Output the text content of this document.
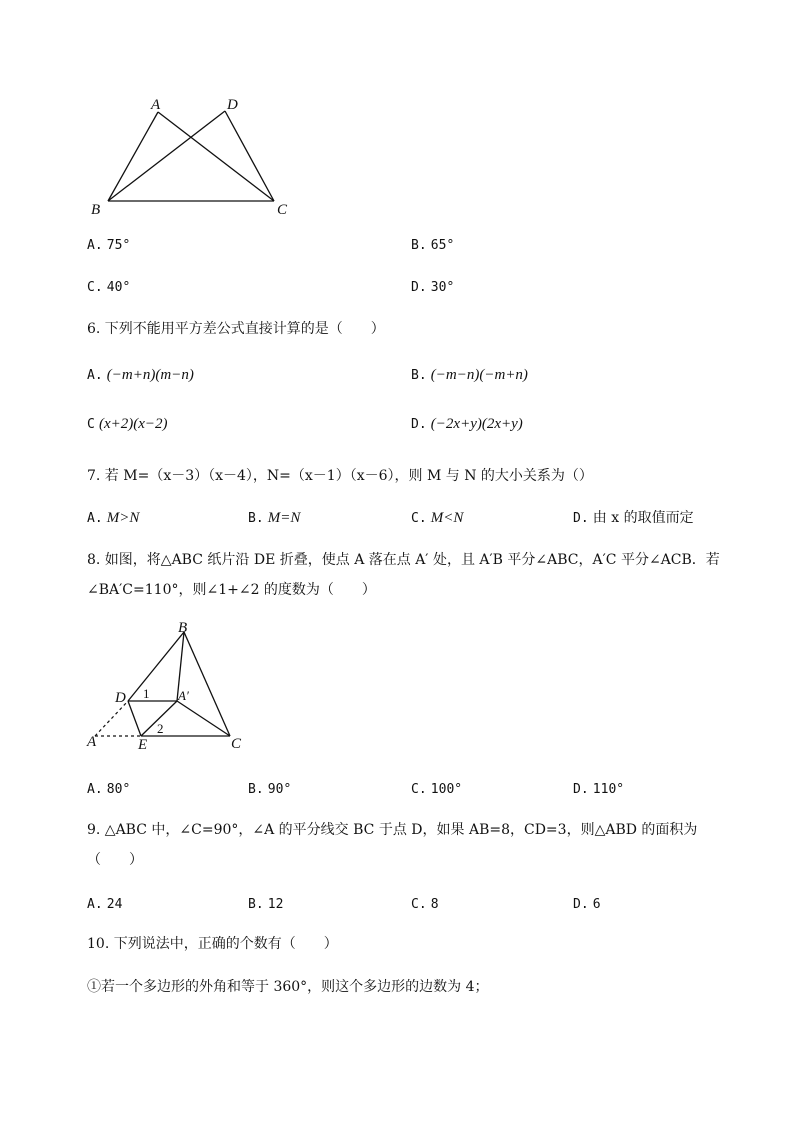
A	D
B	C
A. 75°	B. 65°
C. 40°	D. 30°
6. 下列不能用平方差公式直接计算的是（　　）
A. (−m+n)(m−n)	B. (−m−n)(−m+n)
C (x+2)(x−2)	D. (−2x+y)(2x+y)
7. 若 M=（x－3）（x－4），N=（x－1）（x－6），则 M 与 N 的大小关系为（）
A. M>N	B. M=N	C. M<N	D. 由 x 的取值而定
8. 如图，将△ABC 纸片沿 DE 折叠，使点 A 落在点 A′ 处，且 A′B 平分∠ABC，A′C 平分∠ACB．若
∠BA′C=110°，则∠1+∠2 的度数为（　　）
B
D 1 A′
2
A	E	C
A. 80°	B. 90°	C. 100°	D. 110°
9. △ABC 中，∠C=90°，∠A 的平分线交 BC 于点 D，如果 AB=8，CD=3，则△ABD 的面积为
（　　）
A. 24	B. 12	C. 8	D. 6
10. 下列说法中，正确的个数有（　　）
①若一个多边形的外角和等于 360°，则这个多边形的边数为 4；
